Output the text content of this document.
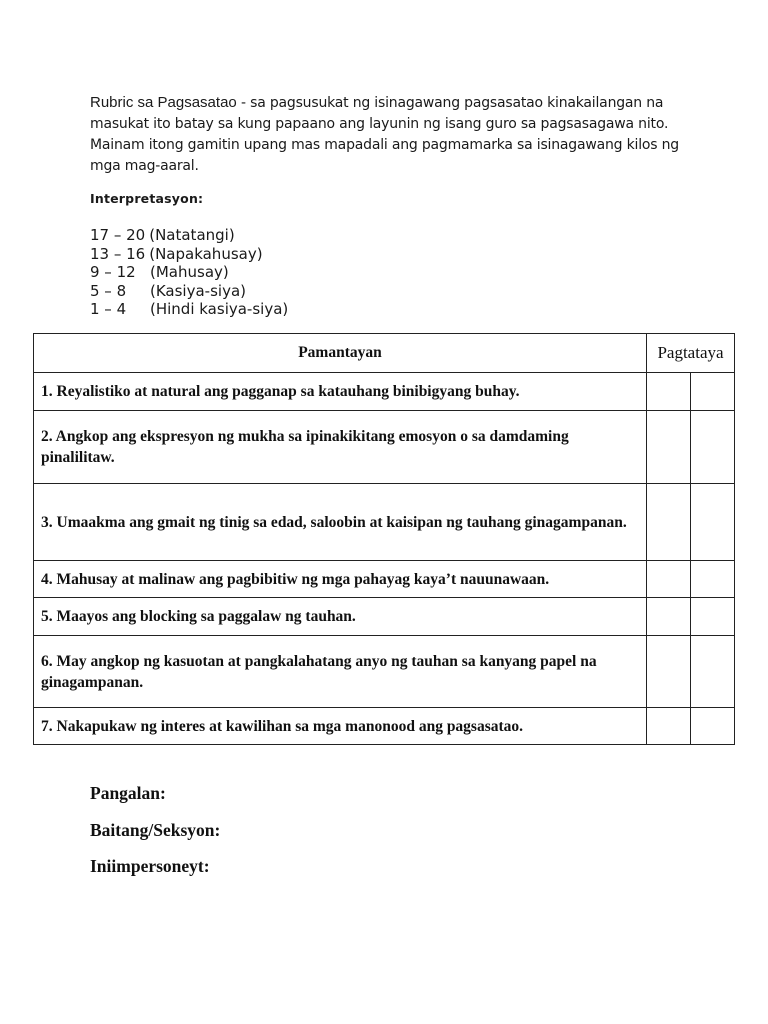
Rubric sa Pagsasatao - sa pagsusukat ng isinagawang pagsasatao kinakailangan na masukat ito batay sa kung papaano ang layunin ng isang guro sa pagsasagawa nito. Mainam itong gamitin upang mas mapadali ang pagmamarka sa isinagawang kilos ng mga mag-aaral.
Interpretasyon:
17 – 20 (Natatangi)
13 – 16 (Napakahusay)
9 – 12 (Mahusay)
5 – 8	(Kasiya-siya)
1 – 4	(Hindi kasiya-siya)
Pamantayan	Pagtataya	
1. Reyalistiko at natural ang pagganap sa katauhang binibigyang buhay.		
2. Angkop ang ekspresyon ng mukha sa ipinakikitang emosyon o sa damdaming pinalilitaw.		
3. Umaakma ang gmait ng tinig sa edad, saloobin at kaisipan ng tauhang ginagampanan.		
4. Mahusay at malinaw ang pagbibitiw ng mga pahayag kaya’t nauunawaan.		
5. Maayos ang blocking sa paggalaw ng tauhan.		
6. May angkop ng kasuotan at pangkalahatang anyo ng tauhan sa kanyang papel na ginagampanan.		
7. Nakapukaw ng interes at kawilihan sa mga manonood ang pagsasatao.		
Pangalan:
Baitang/Seksyon:
Iniimpersoneyt:
